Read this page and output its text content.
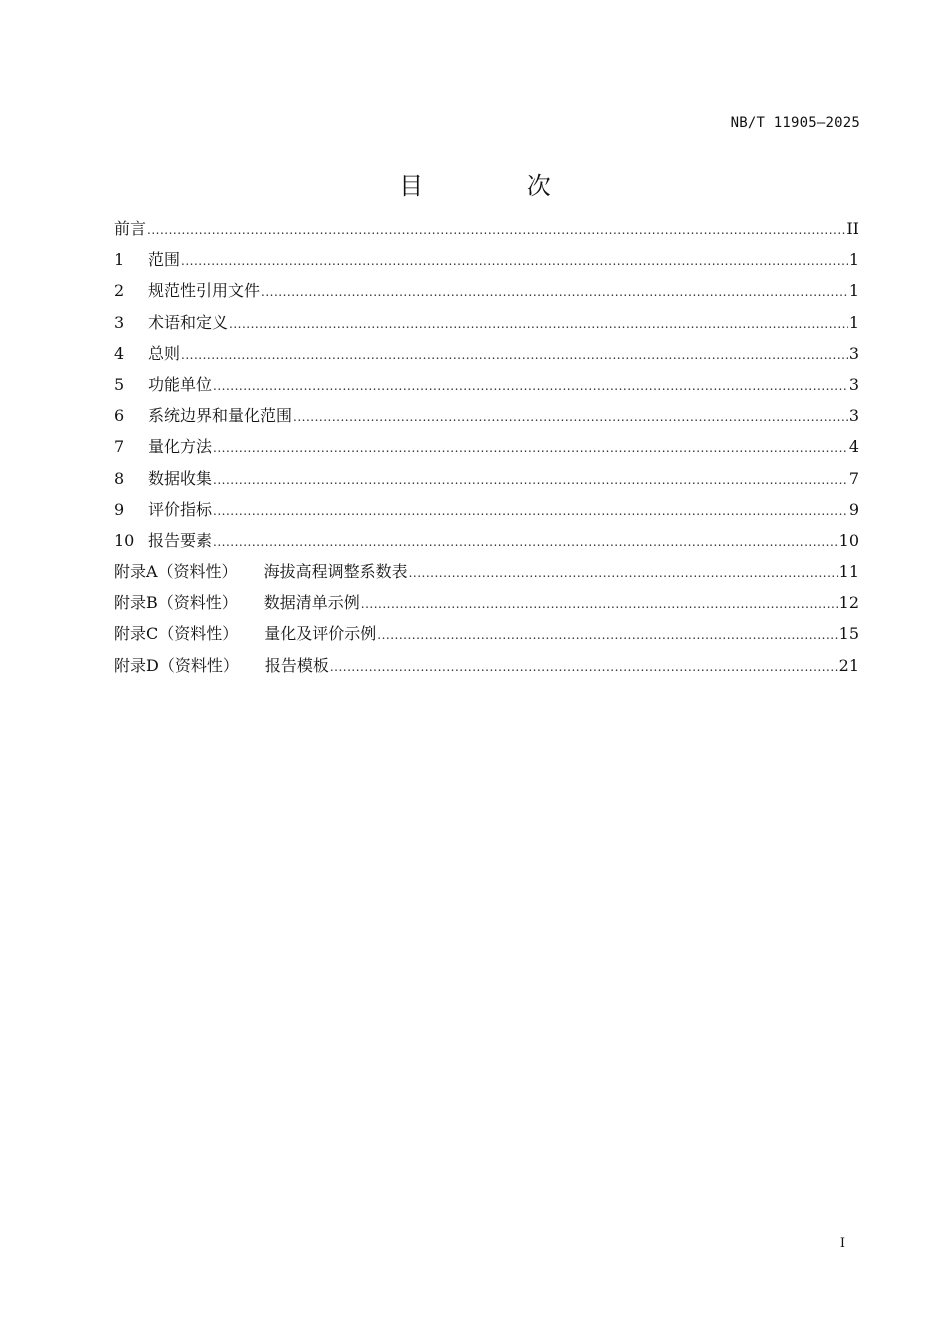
NB/T 11905—2025
目 次
前言 .....	II
1	范围 .....	1
2	规范性引用文件 .....	1
3	术语和定义 .....	1
4	总则 .....	3
5	功能单位 .....	3
6	系统边界和量化范围 .....	3
7	量化方法 .....	4
8	数据收集 .....	7
9	评价指标 .....	9
10 报告要素 .....	10
附录A（资料性） 海拔高程调整系数表 .....	11
附录B（资料性） 数据清单示例 .....	12
附录C（资料性） 量化及评价示例 .....	15
附录D（资料性） 报告模板 .....	21
I
